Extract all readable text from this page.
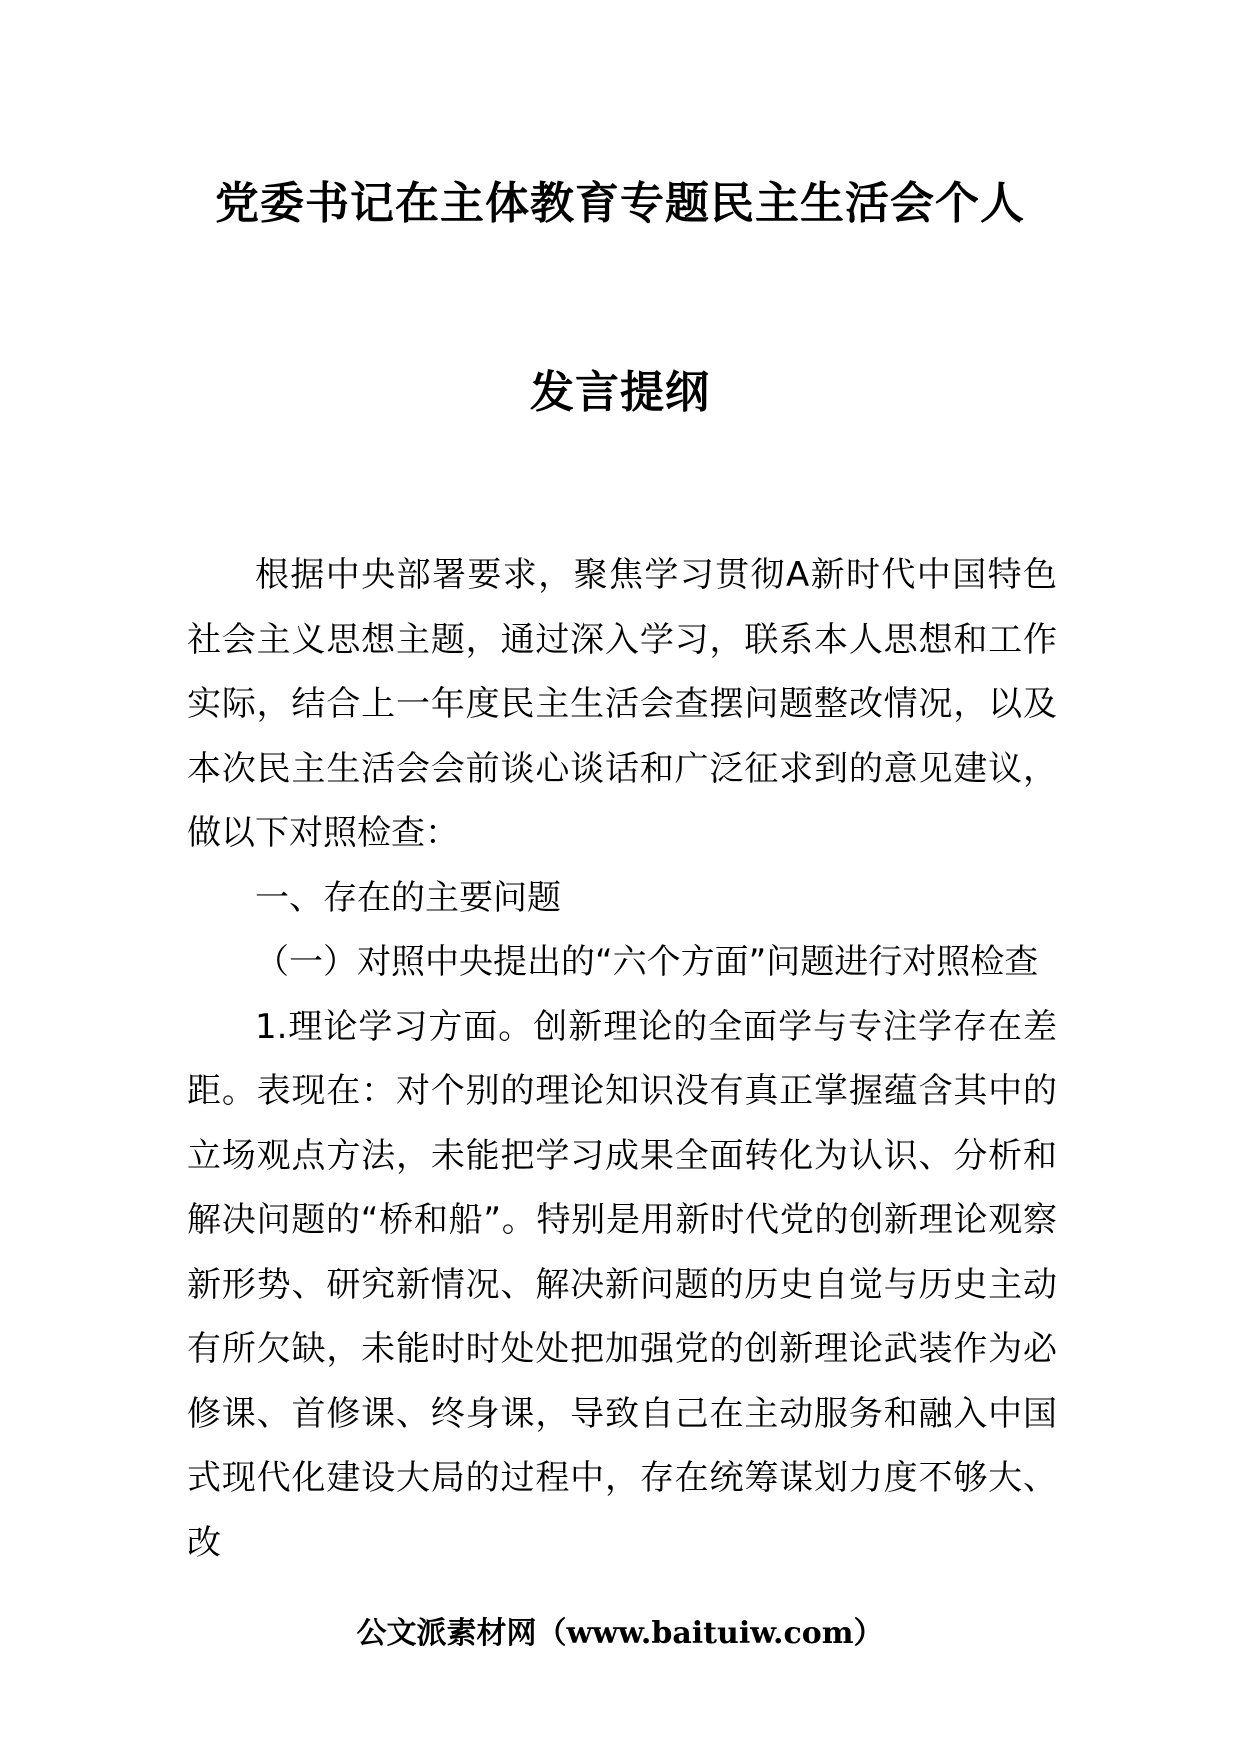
党委书记在主体教育专题民主生活会个人
发言提纲

根据中央部署要求，聚焦学习贯彻A新时代中国特色社会主义思想主题，通过深入学习，联系本人思想和工作实际，结合上一年度民主生活会查摆问题整改情况，以及本次民主生活会会前谈心谈话和广泛征求到的意见建议，做以下对照检查：

一、存在的主要问题

（一）对照中央提出的“六个方面”问题进行对照检查

1.理论学习方面。创新理论的全面学与专注学存在差距。表现在：对个别的理论知识没有真正掌握蕴含其中的立场观点方法，未能把学习成果全面转化为认识、分析和解决问题的“桥和船”。特别是用新时代党的创新理论观察新形势、研究新情况、解决新问题的历史自觉与历史主动有所欠缺，未能时时处处把加强党的创新理论武装作为必修课、首修课、终身课，导致自己在主动服务和融入中国式现代化建设大局的过程中，存在统筹谋划力度不够大、改

公文派素材网（www.baituiw.com）
